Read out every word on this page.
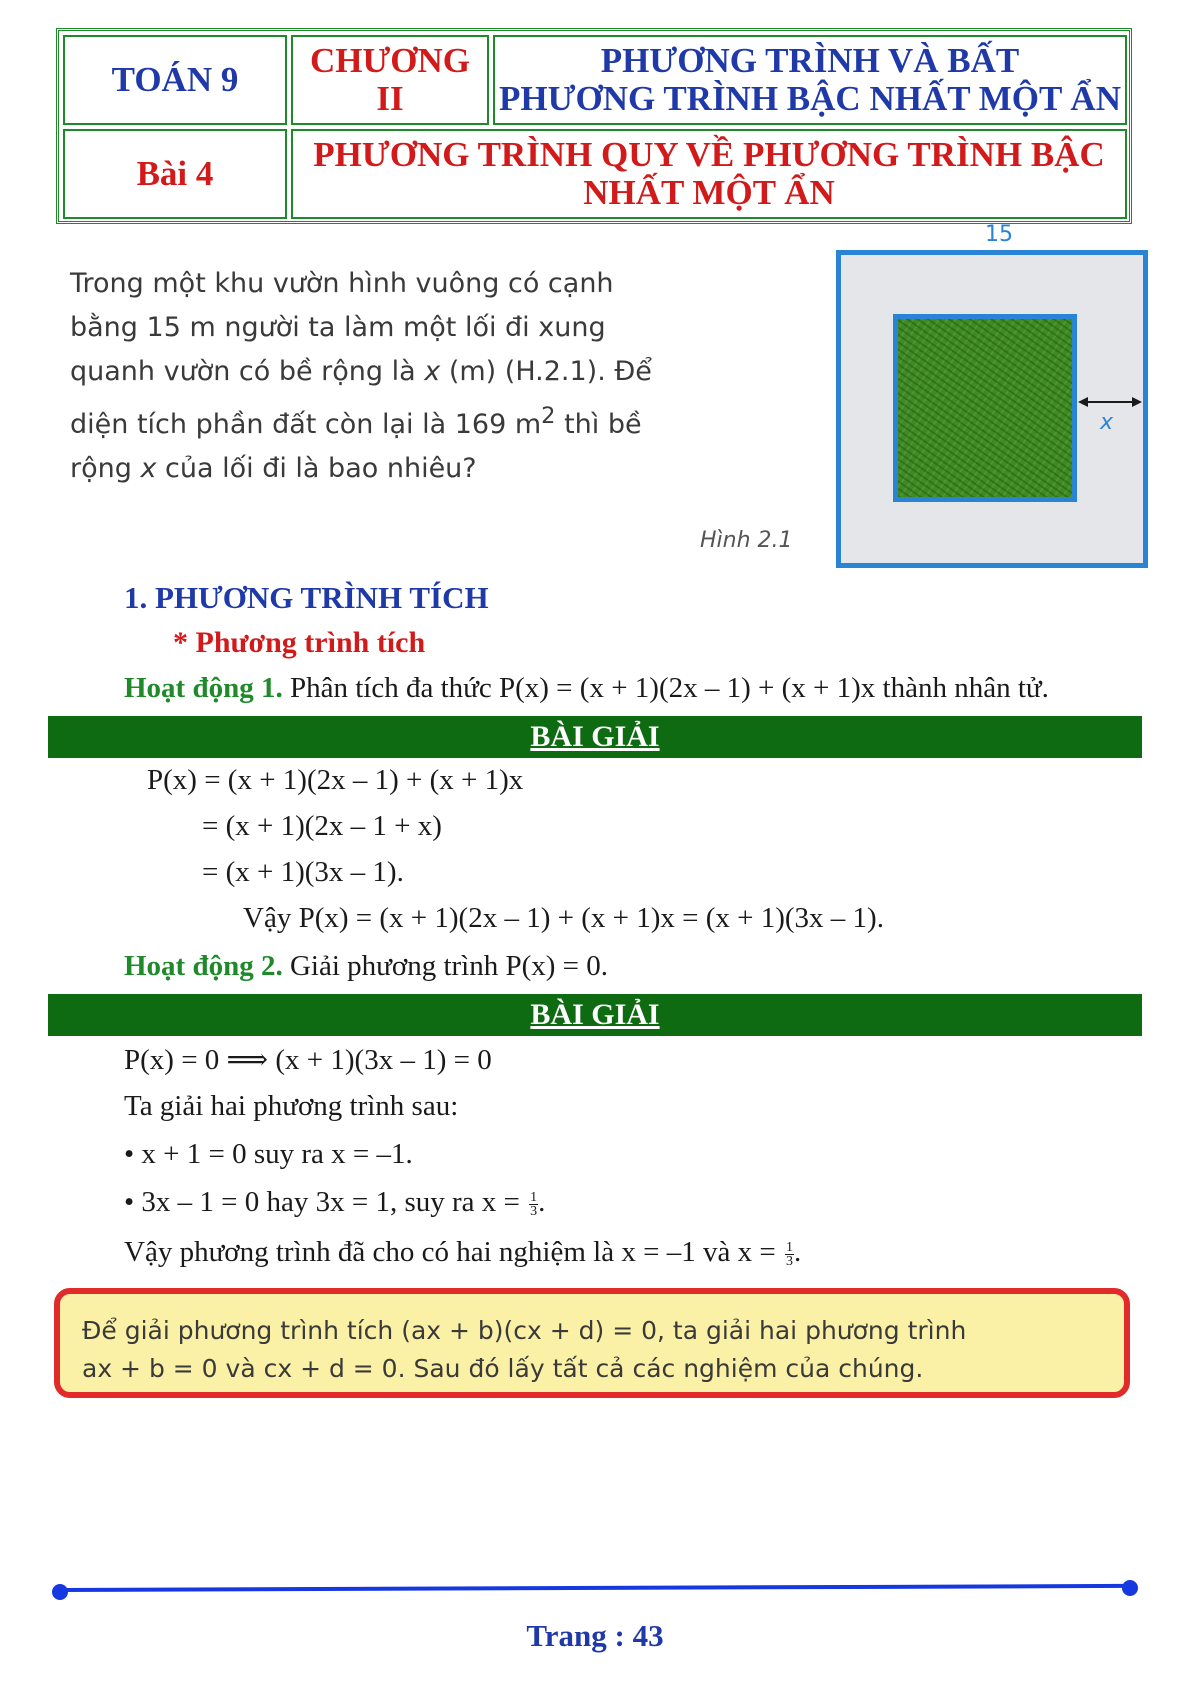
TOÁN 9 CHƯƠNG
II
PHƯƠNG TRÌNH VÀ BẤT
PHƯƠNG TRÌNH BẬC NHẤT MỘT ẨN
Bài 4	PHƯƠNG TRÌNH QUY VỀ PHƯƠNG TRÌNH BẬC
NHẤT MỘT ẨN
Trong một khu vườn hình vuông có cạnh
bằng 15 m người ta làm một lối đi xung
quanh vườn có bề rộng là x (m) (H.2.1). Để
diện tích phần đất còn lại là 169 $m^2$ thì bề
rộng x của lối đi là bao nhiêu?
15
x
Hình 2.1
1. PHƯƠNG TRÌNH TÍCH
* Phương trình tích
Hoạt động 1. Phân tích đa thức P(x) = (x + 1)(2x – 1) + (x + 1)x thành nhân tử.
BÀI GIẢI
P(x) = (x + 1)(2x – 1) + (x + 1)x
= (x + 1)(2x – 1 + x)
= (x + 1)(3x – 1).
Vậy P(x) = (x + 1)(2x – 1) + (x + 1)x = (x + 1)(3x – 1).
Hoạt động 2. Giải phương trình P(x) = 0.
BÀI GIẢI
P(x) = 0 ⟹ (x + 1)(3x – 1) = 0
Ta giải hai phương trình sau:
• x + 1 = 0 suy ra x = –1.
• 3x – 1 = 0 hay 3x = 1, suy ra $x = \frac{1}{3}$ .
Vậy phương trình đã cho có hai nghiệm là x = –1 và $x = \frac{1}{3}$ .
Để giải phương trình tích (ax + b)(cx + d) = 0, ta giải hai phương trình
ax + b = 0 và cx + d = 0. Sau đó lấy tất cả các nghiệm của chúng.
Trang : 43
